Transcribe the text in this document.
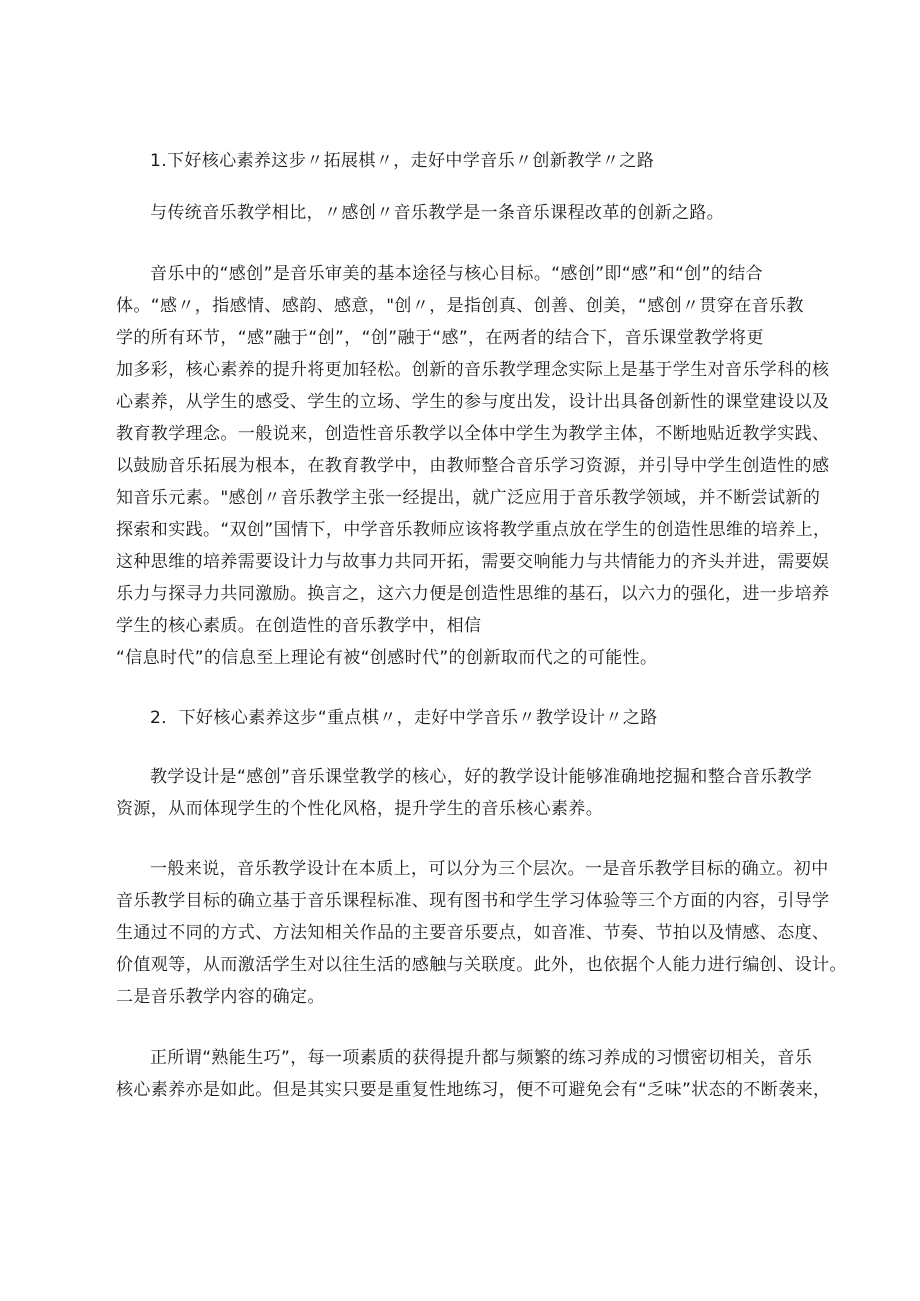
1.下好核心素养这步〃拓展棋〃，走好中学音乐〃创新教学〃之路
与传统音乐教学相比，〃感创〃音乐教学是一条音乐课程改革的创新之路。
音乐中的“感创”是音乐审美的基本途径与核心目标。“感创”即“感”和“创”的结合
体。“感〃，指感情、感韵、感意，"创〃，是指创真、创善、创美，“感创〃贯穿在音乐教
学的所有环节，“感”融于“创”，“创”融于“感”，在两者的结合下，音乐课堂教学将更
加多彩，核心素养的提升将更加轻松。创新的音乐教学理念实际上是基于学生对音乐学科的核
心素养，从学生的感受、学生的立场、学生的参与度出发，设计出具备创新性的课堂建设以及
教育教学理念。一般说来，创造性音乐教学以全体中学生为教学主体，不断地贴近教学实践、
以鼓励音乐拓展为根本，在教育教学中，由教师整合音乐学习资源，并引导中学生创造性的感
知音乐元素。"感创〃音乐教学主张一经提出，就广泛应用于音乐教学领域，并不断尝试新的
探索和实践。“双创”国情下，中学音乐教师应该将教学重点放在学生的创造性思维的培养上，
这种思维的培养需要设计力与故事力共同开拓，需要交响能力与共情能力的齐头并进，需要娱
乐力与探寻力共同激励。换言之，这六力便是创造性思维的基石，以六力的强化，进一步培养
学生的核心素质。在创造性的音乐教学中，相信
“信息时代”的信息至上理论有被“创感时代”的创新取而代之的可能性。
2．下好核心素养这步“重点棋〃，走好中学音乐〃教学设计〃之路
教学设计是“感创”音乐课堂教学的核心，好的教学设计能够准确地挖掘和整合音乐教学
资源，从而体现学生的个性化风格，提升学生的音乐核心素养。
一般来说，音乐教学设计在本质上，可以分为三个层次。一是音乐教学目标的确立。初中
音乐教学目标的确立基于音乐课程标准、现有图书和学生学习体验等三个方面的内容，引导学
生通过不同的方式、方法知相关作品的主要音乐要点，如音准、节奏、节拍以及情感、态度、
价值观等，从而激活学生对以往生活的感触与关联度。此外，也依据个人能力进行编创、设计。
二是音乐教学内容的确定。
正所谓“熟能生巧”，每一项素质的获得提升都与频繁的练习养成的习惯密切相关，音乐
核心素养亦是如此。但是其实只要是重复性地练习，便不可避免会有“乏味”状态的不断袭来，
